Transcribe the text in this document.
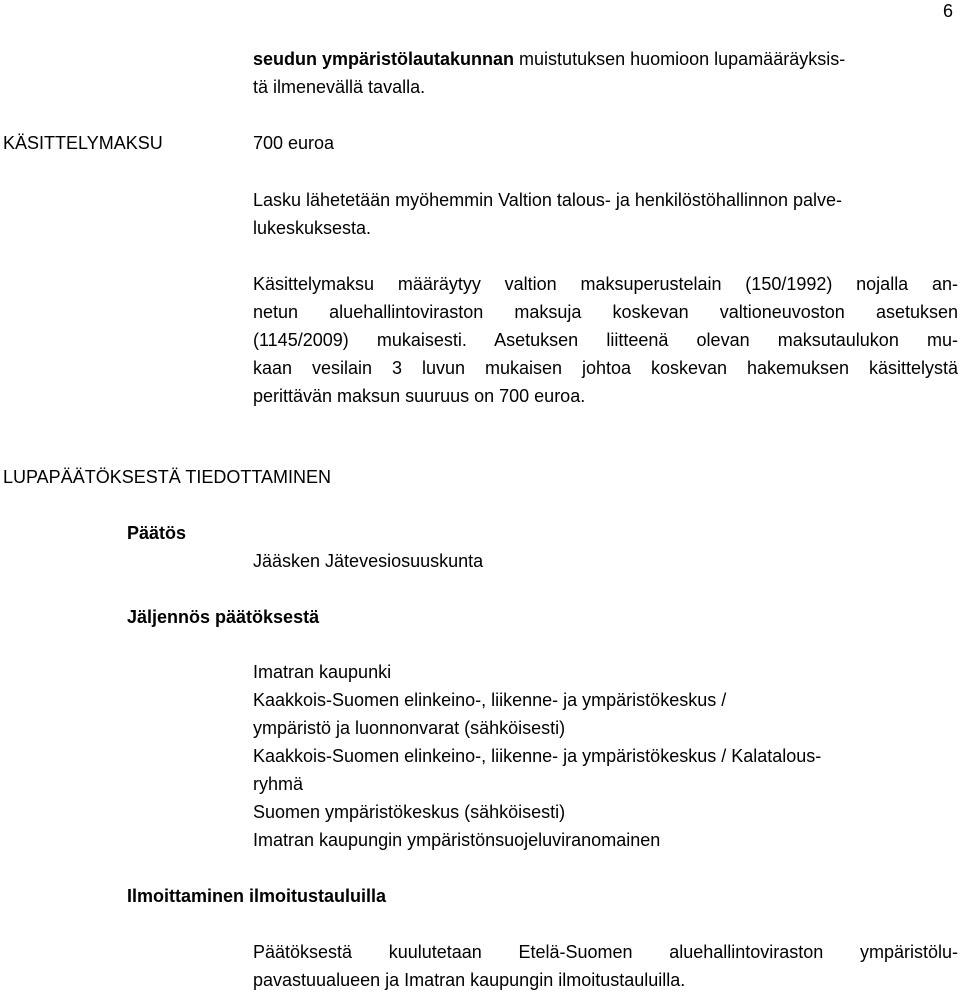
6
seudun ympäristölautakunnan muistutuksen huomioon lupamääräyksis-
tä ilmenevällä tavalla.
KÄSITTELYMAKSU	700 euroa
Lasku lähetetään myöhemmin Valtion talous- ja henkilöstöhallinnon palve-
lukeskuksesta.
Käsittelymaksu määräytyy valtion maksuperustelain (150/1992) nojalla an-
netun aluehallintoviraston maksuja koskevan valtioneuvoston asetuksen
(1145/2009) mukaisesti. Asetuksen liitteenä olevan maksutaulukon mu-
kaan vesilain 3 luvun mukaisen johtoa koskevan hakemuksen käsittelystä
perittävän maksun suuruus on 700 euroa.
LUPAPÄÄTÖKSESTÄ TIEDOTTAMINEN
Päätös
Jääsken Jätevesiosuuskunta
Jäljennös päätöksestä
Imatran kaupunki
Kaakkois-Suomen elinkeino-, liikenne- ja ympäristökeskus /
ympäristö ja luonnonvarat (sähköisesti)
Kaakkois-Suomen elinkeino-, liikenne- ja ympäristökeskus / Kalatalous-
ryhmä
Suomen ympäristökeskus (sähköisesti)
Imatran kaupungin ympäristönsuojeluviranomainen
Ilmoittaminen ilmoitustauluilla
Päätöksestä kuulutetaan Etelä-Suomen aluehallintoviraston ympäristölu-
pavastuualueen ja Imatran kaupungin ilmoitustauluilla.
